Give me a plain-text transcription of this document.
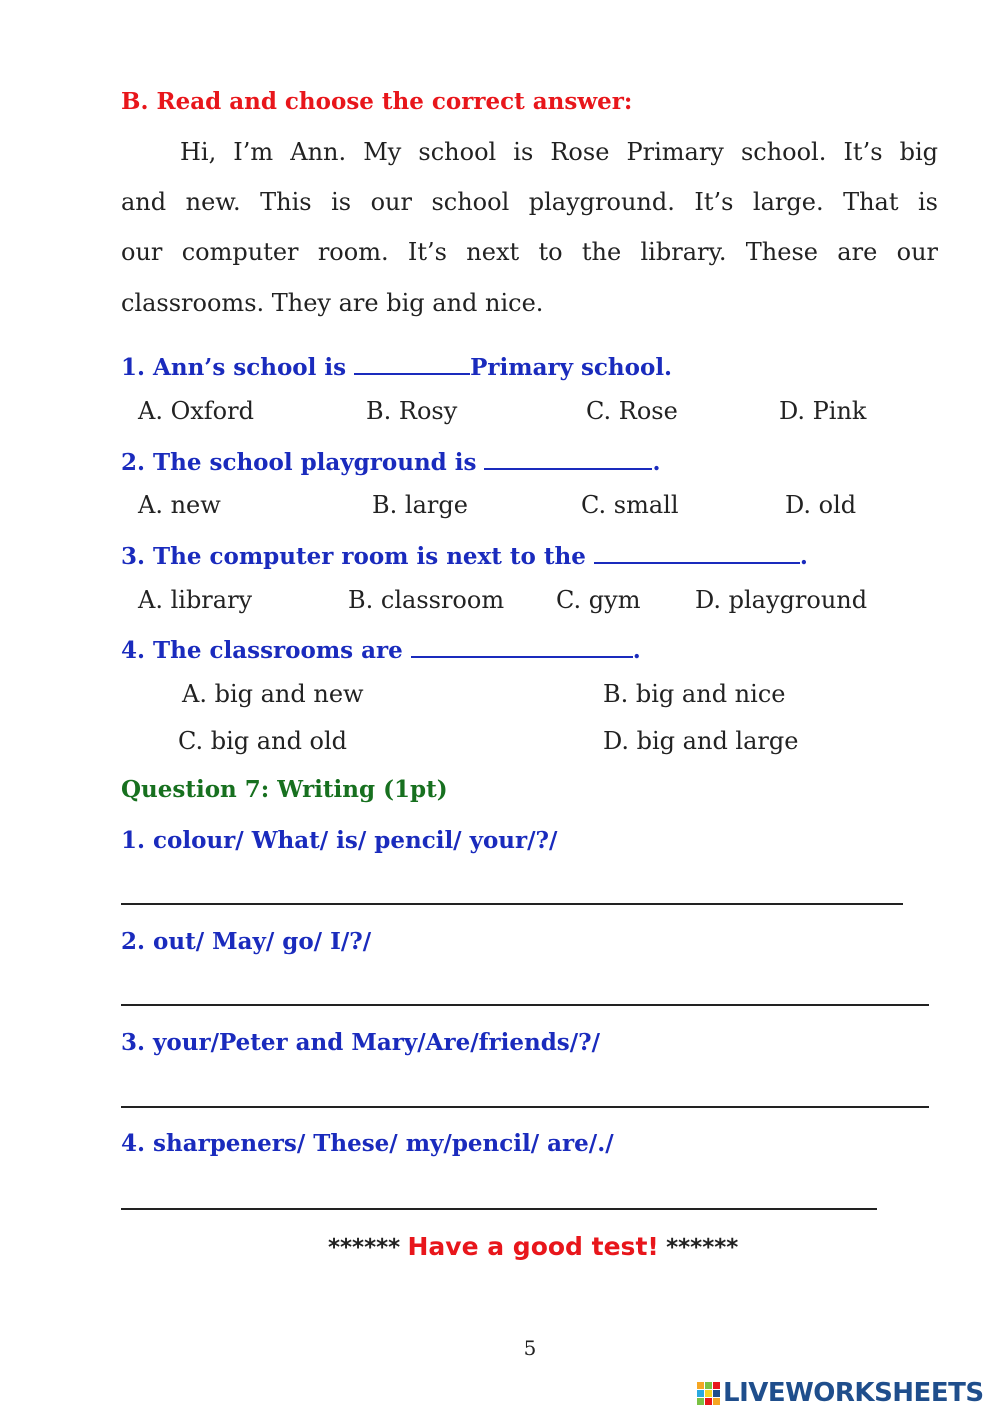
B. Read and choose the correct answer:
Hi, I’m Ann. My school is Rose Primary school. It’s big
and new. This is our school playground. It’s large. That is
our computer room. It’s next to the library. These are our
classrooms. They are big and nice.
1. Ann’s school is	Primary school.
A. Oxford	B. Rosy	C. Rose	D. Pink
2. The school playground is	.
A. new	B. large	C. small	D. old
3. The computer room is next to the	.
A. library	B. classroom C. gym D. playground
4. The classrooms are	.
A. big and new	B. big and nice
C. big and old	D. big and large
Question 7: Writing (1pt)
1. colour/ What/ is/ pencil/ your/?/
2. out/ May/ go/ I/?/
3. your/Peter and Mary/Are/friends/?/
4. sharpeners/ These/ my/pencil/ are/./
****** Have a good test! ******
5
LIVEWORKSHEETS
